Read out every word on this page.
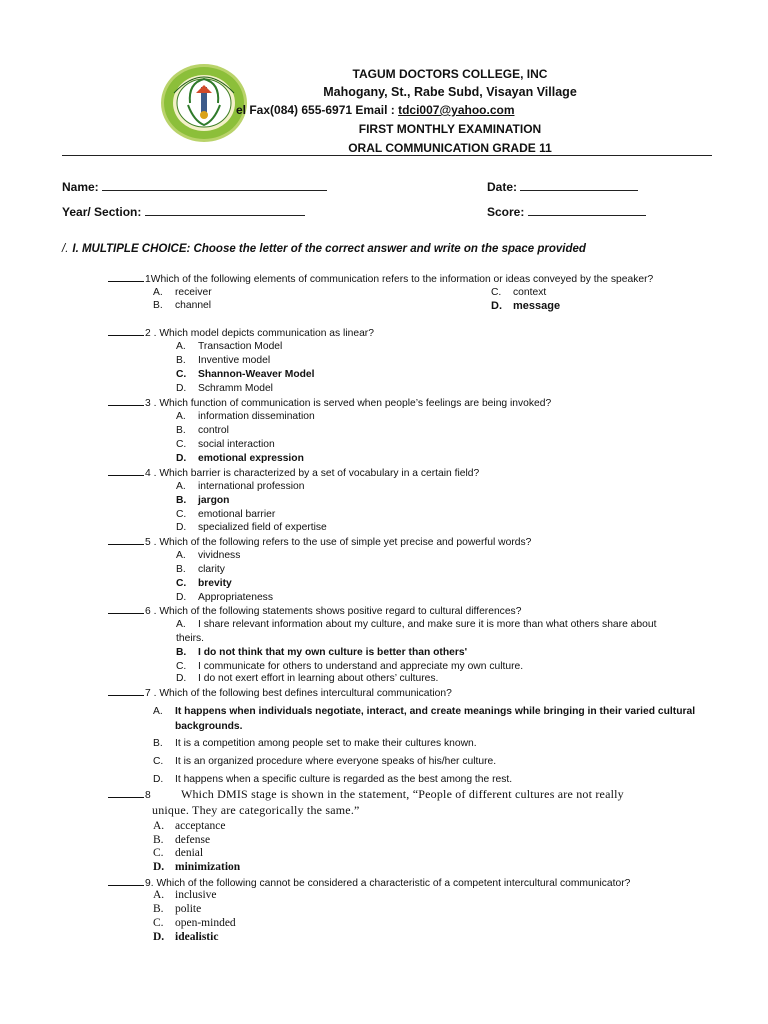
TAGUM DOCTORS COLLEGE, INC
Mahogany, St., Rabe Subd, Visayan Village
el Fax(084) 655-6971 Email : tdci007@yahoo.com
FIRST MONTHLY EXAMINATION
ORAL COMMUNICATION GRADE 11
Name:	Date:
Year/ Section:	Score:
/. I. MULTIPLE CHOICE: Choose the letter of the correct answer and write on the space provided
1Which of the following elements of communication refers to the information or ideas conveyed by the speaker?
A. receiver
B. channel
C. context
D. message
2 . Which model depicts communication as linear?
A. Transaction Model
B. Inventive model
C. Shannon-Weaver Model
D. Schramm Model
3 . Which function of communication is served when people’s feelings are being invoked?
A. information dissemination
B. control
C. social interaction
D. emotional expression
4 . Which barrier is characterized by a set of vocabulary in a certain field?
A. international profession
B. jargon
C. emotional barrier
D. specialized field of expertise
5 . Which of the following refers to the use of simple yet precise and powerful words?
A. vividness
B. clarity
C. brevity
D. Appropriateness
6 . Which of the following statements shows positive regard to cultural differences?
A. I share relevant information about my culture, and make sure it is more than what others share about
theirs.
B. I do not think that my own culture is better than others'
C. I communicate for others to understand and appreciate my own culture.
D. I do not exert effort in learning about others’ cultures.
7 . Which of the following best defines intercultural communication?
A. It happens when individuals negotiate, interact, and create meanings while bringing in their varied cultural
backgrounds.
B. It is a competition among people set to make their cultures known.
C. It is an organized procedure where everyone speaks of his/her culture.
D. It happens when a specific culture is regarded as the best among the rest.
8	Which DMIS stage is shown in the statement, “People of different cultures are not really
unique. They are categorically the same.”
A. acceptance
B. defense
C. denial
D. minimization
9. Which of the following cannot be considered a characteristic of a competent intercultural communicator?
A. inclusive
B. polite
C. open-minded
D. idealistic
